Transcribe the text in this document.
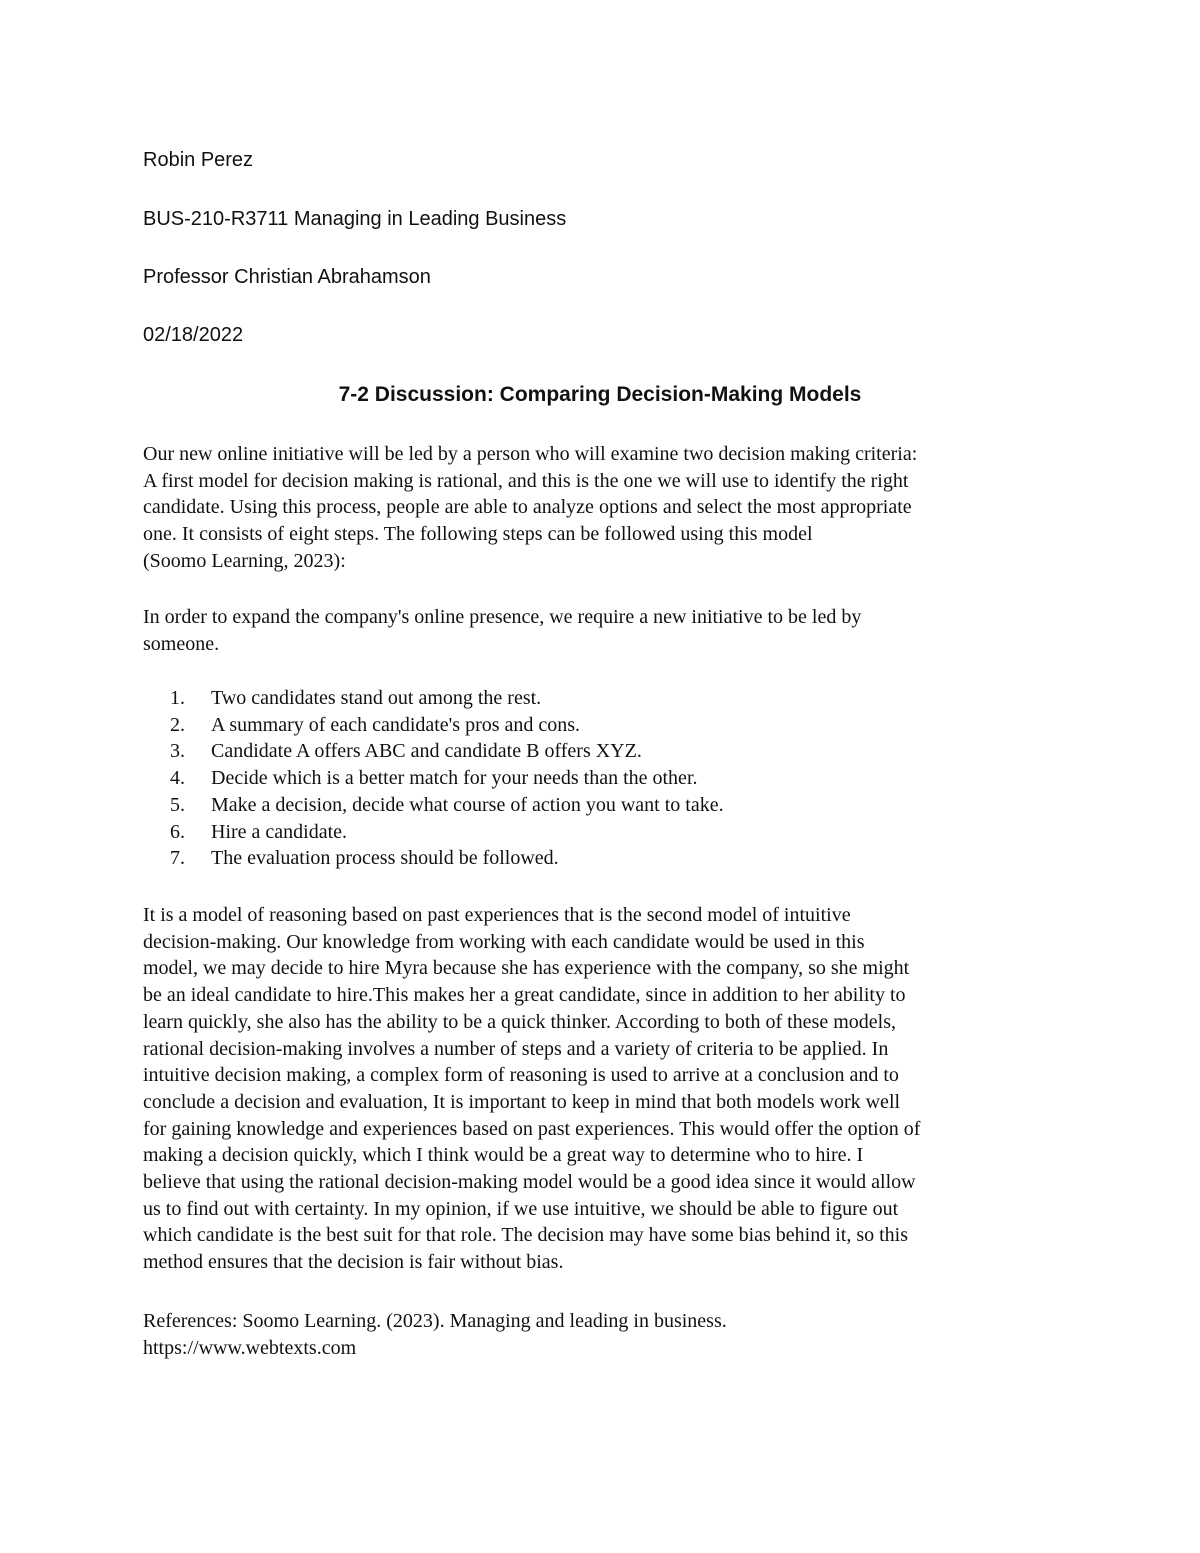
Robin Perez

BUS-210-R3711 Managing in Leading Business

Professor Christian Abrahamson

02/18/2022

7-2 Discussion: Comparing Decision-Making Models

Our new online initiative will be led by a person who will examine two decision making criteria:
A first model for decision making is rational, and this is the one we will use to identify the right
candidate. Using this process, people are able to analyze options and select the most appropriate
one. It consists of eight steps. The following steps can be followed using this model
(Soomo Learning, 2023):

In order to expand the company's online presence, we require a new initiative to be led by
someone.

1.	Two candidates stand out among the rest.
2.	A summary of each candidate's pros and cons.
3.	Candidate A offers ABC and candidate B offers XYZ.
4.	Decide which is a better match for your needs than the other.
5.	Make a decision, decide what course of action you want to take.
6.	Hire a candidate.
7.	The evaluation process should be followed.

It is a model of reasoning based on past experiences that is the second model of intuitive
decision-making. Our knowledge from working with each candidate would be used in this
model, we may decide to hire Myra because she has experience with the company, so she might
be an ideal candidate to hire.This makes her a great candidate, since in addition to her ability to
learn quickly, she also has the ability to be a quick thinker. According to both of these models,
rational decision-making involves a number of steps and a variety of criteria to be applied. In
intuitive decision making, a complex form of reasoning is used to arrive at a conclusion and to
conclude a decision and evaluation, It is important to keep in mind that both models work well
for gaining knowledge and experiences based on past experiences. This would offer the option of
making a decision quickly, which I think would be a great way to determine who to hire. I
believe that using the rational decision-making model would be a good idea since it would allow
us to find out with certainty. In my opinion, if we use intuitive, we should be able to figure out
which candidate is the best suit for that role. The decision may have some bias behind it, so this
method ensures that the decision is fair without bias.

References: Soomo Learning. (2023). Managing and leading in business.
https://www.webtexts.com
